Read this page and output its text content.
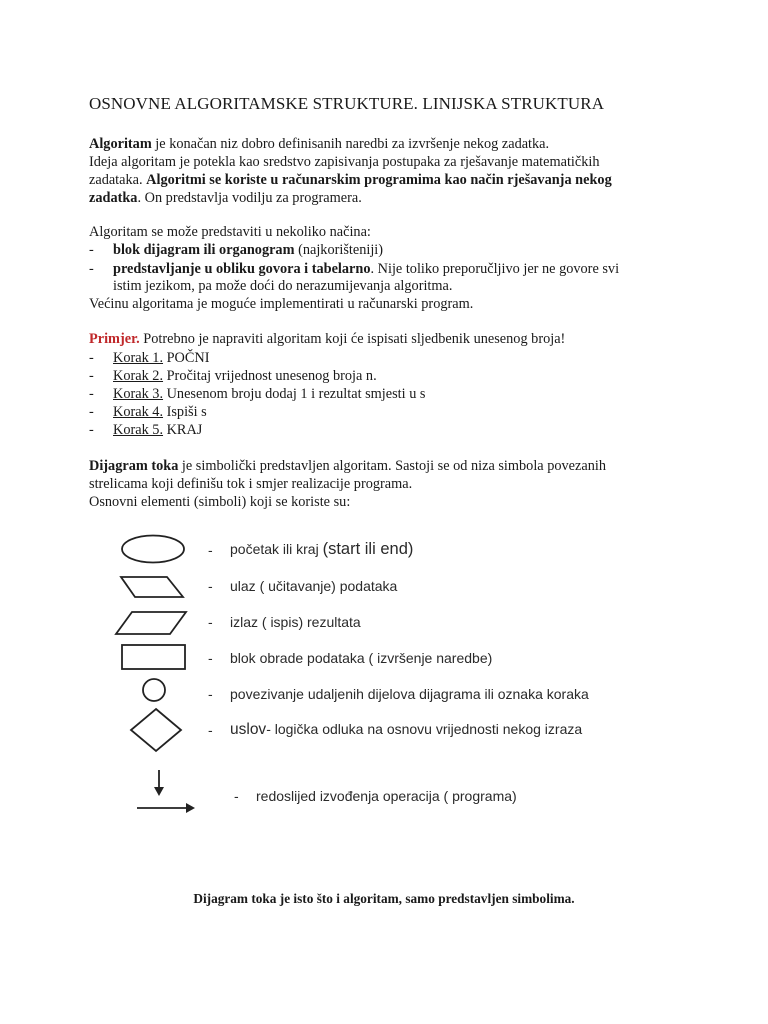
OSNOVNE ALGORITAMSKE STRUKTURE. LINIJSKA STRUKTURA
Algoritam je konačan niz dobro definisanih naredbi za izvršenje nekog zadatka.
Ideja algoritam je potekla kao sredstvo zapisivanja postupaka za rješavanje matematičkih
zadataka. Algoritmi se koriste u računarskim programima kao način rješavanja nekog
zadatka. On predstavlja vodilju za programera.
Algoritam se može predstaviti u nekoliko načina:
- blok dijagram ili organogram (najkorišteniji)
- predstavljanje u obliku govora i tabelarno. Nije toliko preporučljivo jer ne govore svi
istim jezikom, pa može doći do nerazumijevanja algoritma.
Većinu algoritama je moguće implementirati u računarski program.
Primjer. Potrebno je napraviti algoritam koji će ispisati sljedbenik unesenog broja!
- Korak 1. POČNI
- Korak 2. Pročitaj vrijednost unesenog broja n.
- Korak 3. Unesenom broju dodaj 1 i rezultat smjesti u s
- Korak 4. Ispiši s
- Korak 5. KRAJ
Dijagram toka je simbolički predstavljen algoritam. Sastoji se od niza simbola povezanih
strelicama koji definišu tok i smjer realizacije programa.
Osnovni elementi (simboli) koji se koriste su:
- početak ili kraj (start ili end)
- ulaz ( učitavanje) podataka
- izlaz ( ispis) rezultata
- blok obrade podataka ( izvršenje naredbe)
- povezivanje udaljenih dijelova dijagrama ili oznaka koraka
- uslov- logička odluka na osnovu vrijednosti nekog izraza
- redoslijed izvođenja operacija ( programa)
Dijagram toka je isto što i algoritam, samo predstavljen simbolima.
